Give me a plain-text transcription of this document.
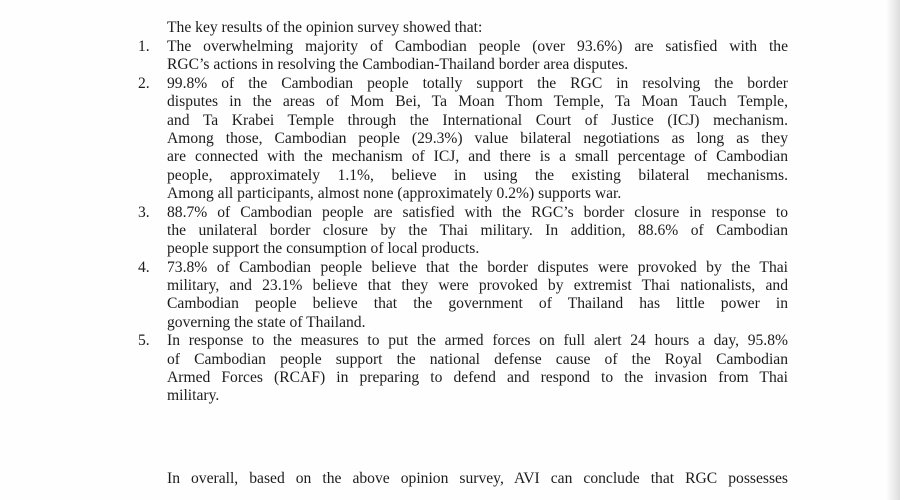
The key results of the opinion survey showed that:

1. The overwhelming majority of Cambodian people (over 93.6%) are satisfied with the
RGC’s actions in resolving the Cambodian-Thailand border area disputes.
2. 99.8% of the Cambodian people totally support the RGC in resolving the border
disputes in the areas of Mom Bei, Ta Moan Thom Temple, Ta Moan Tauch Temple,
and Ta Krabei Temple through the International Court of Justice (ICJ) mechanism.
Among those, Cambodian people (29.3%) value bilateral negotiations as long as they
are connected with the mechanism of ICJ, and there is a small percentage of Cambodian
people, approximately 1.1%, believe in using the existing bilateral mechanisms.
Among all participants, almost none (approximately 0.2%) supports war.
3. 88.7% of Cambodian people are satisfied with the RGC’s border closure in response to
the unilateral border closure by the Thai military. In addition, 88.6% of Cambodian
people support the consumption of local products.
4. 73.8% of Cambodian people believe that the border disputes were provoked by the Thai
military, and 23.1% believe that they were provoked by extremist Thai nationalists, and
Cambodian people believe that the government of Thailand has little power in
governing the state of Thailand.
5. In response to the measures to put the armed forces on full alert 24 hours a day, 95.8%
of Cambodian people support the national defense cause of the Royal Cambodian
Armed Forces (RCAF) in preparing to defend and respond to the invasion from Thai
military.

In overall, based on the above opinion survey, AVI can conclude that RGC possesses
